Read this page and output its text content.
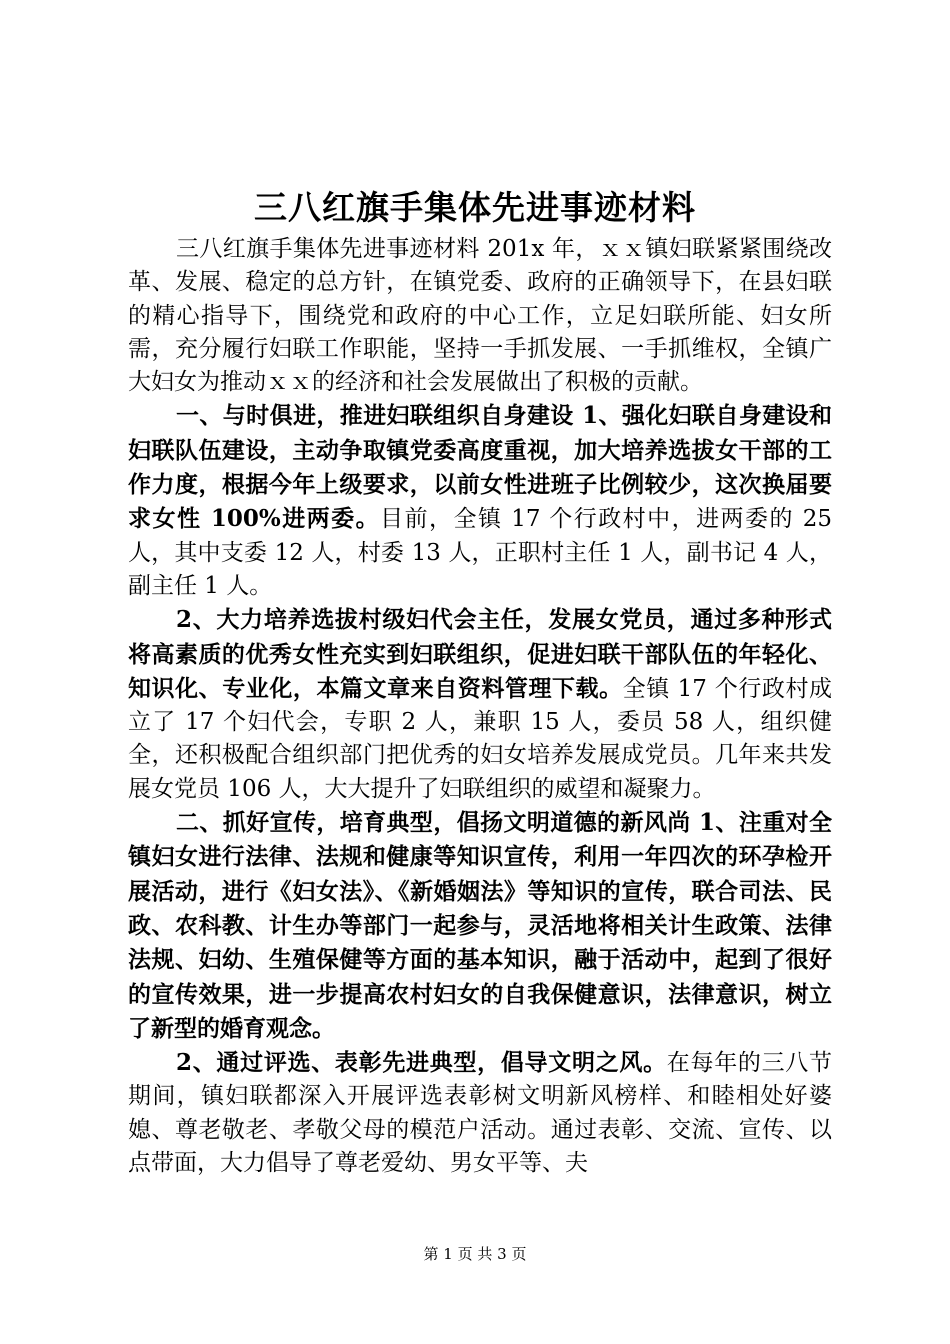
三八红旗手集体先进事迹材料

三八红旗手集体先进事迹材料 201x 年，ｘｘ镇妇联紧紧围绕改革、发展、稳定的总方针，在镇党委、政府的正确领导下，在县妇联的精心指导下，围绕党和政府的中心工作，立足妇联所能、妇女所需，充分履行妇联工作职能，坚持一手抓发展、一手抓维权，全镇广大妇女为推动ｘｘ的经济和社会发展做出了积极的贡献。

一、与时俱进，推进妇联组织自身建设 1、强化妇联自身建设和妇联队伍建设，主动争取镇党委高度重视，加大培养选拔女干部的工作力度，根据今年上级要求，以前女性进班子比例较少，这次换届要求女性 100%进两委。目前，全镇 17 个行政村中，进两委的 25 人，其中支委 12 人，村委 13 人，正职村主任 1 人，副书记 4 人，副主任 1 人。

2、大力培养选拔村级妇代会主任，发展女党员，通过多种形式将高素质的优秀女性充实到妇联组织，促进妇联干部队伍的年轻化、知识化、专业化，本篇文章来自资料管理下载。全镇 17 个行政村成立了 17 个妇代会，专职 2 人，兼职 15 人，委员 58 人，组织健全，还积极配合组织部门把优秀的妇女培养发展成党员。几年来共发展女党员 106 人，大大提升了妇联组织的威望和凝聚力。

二、抓好宣传，培育典型，倡扬文明道德的新风尚 1、注重对全镇妇女进行法律、法规和健康等知识宣传，利用一年四次的环孕检开展活动，进行《妇女法》、《新婚姻法》等知识的宣传，联合司法、民政、农科教、计生办等部门一起参与，灵活地将相关计生政策、法律法规、妇幼、生殖保健等方面的基本知识，融于活动中，起到了很好的宣传效果，进一步提高农村妇女的自我保健意识，法律意识，树立了新型的婚育观念。

2、通过评选、表彰先进典型，倡导文明之风。在每年的三八节期间，镇妇联都深入开展评选表彰树文明新风榜样、和睦相处好婆媳、尊老敬老、孝敬父母的模范户活动。通过表彰、交流、宣传、以点带面，大力倡导了尊老爱幼、男女平等、夫

第 1 页 共 3 页
